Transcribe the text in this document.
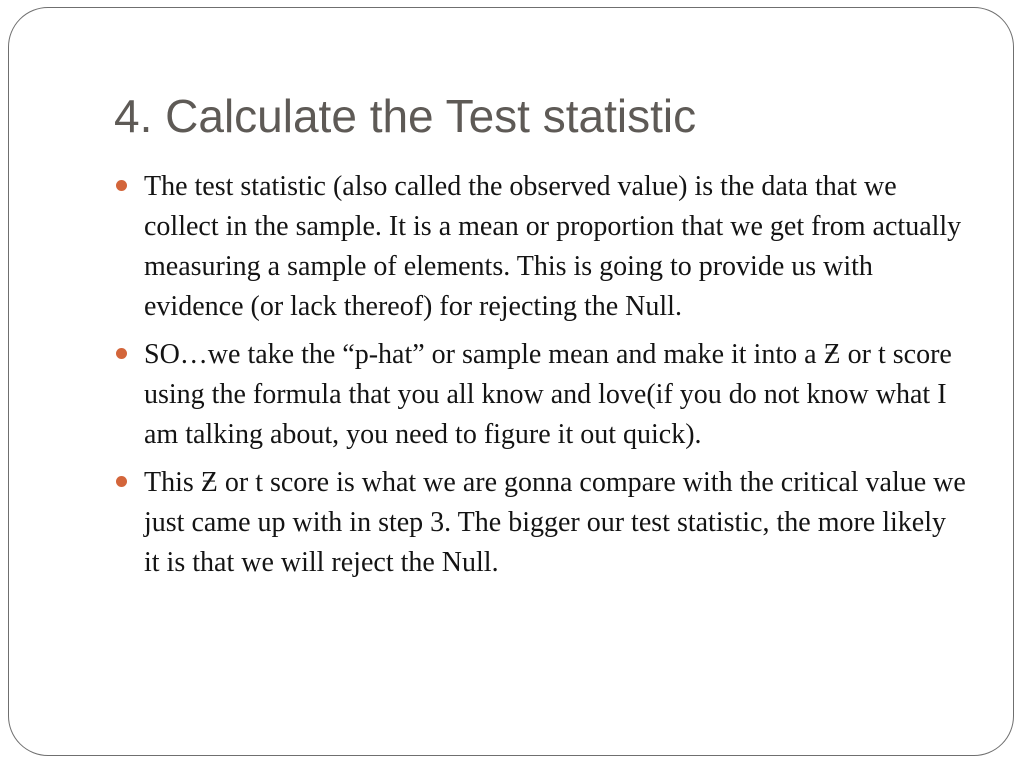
4. Calculate the Test statistic
The test statistic (also called the observed value) is the data that we collect in the sample. It is a mean or proportion that we get from actually measuring a sample of elements. This is going to provide us with evidence (or lack thereof) for rejecting the Null.
SO…we take the “p-hat” or sample mean and make it into a Ƶ or t score using the formula that you all know and love(if you do not know what I am talking about, you need to figure it out quick).
This Ƶ or t score is what we are gonna compare with the critical value we just came up with in step 3. The bigger our test statistic, the more likely it is that we will reject the Null.
